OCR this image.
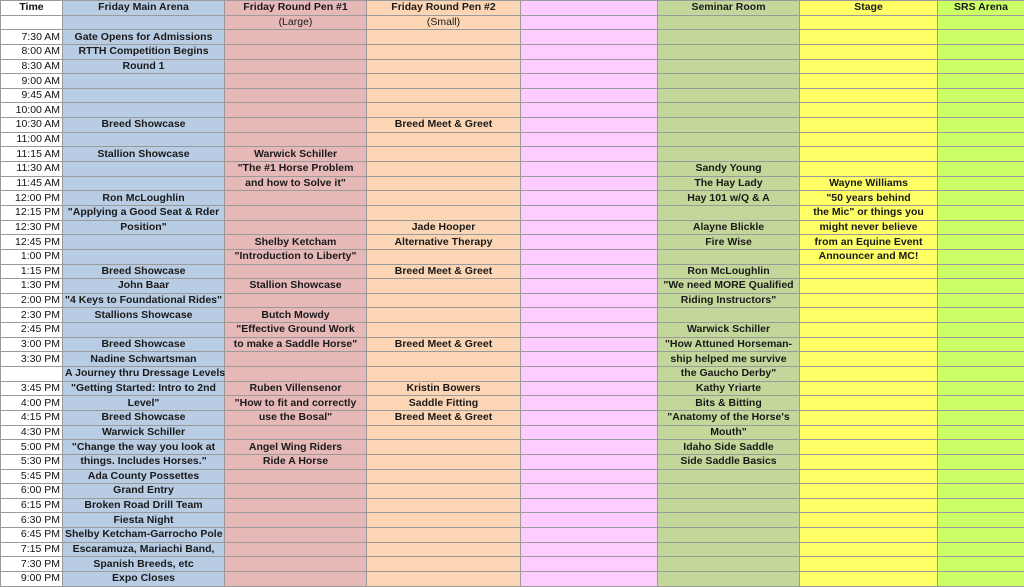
Time	Friday Main Arena	Friday Round Pen #1	Friday Round Pen #2		Seminar Room	Stage	SRS Arena
		(Large)	(Small)				
7:30 AM	Gate Opens for Admissions						
8:00 AM	RTTH Competition Begins						
8:30 AM	Round 1						
9:00 AM							
9:45 AM							
10:00 AM							
10:30 AM	Breed Showcase		Breed Meet & Greet				
11:00 AM							
11:15 AM	Stallion Showcase	Warwick Schiller					
11:30 AM		"The #1 Horse Problem			Sandy Young		
11:45 AM		and how to Solve it"			The Hay Lady	Wayne Williams	
12:00 PM	Ron McLoughlin				Hay 101 w/Q & A	"50 years behind	
12:15 PM	"Applying a Good Seat & Rder					the Mic" or things you	
12:30 PM	Position"		Jade Hooper		Alayne Blickle	might never believe	
12:45 PM		Shelby Ketcham	Alternative Therapy		Fire Wise	from an Equine Event	
1:00 PM		"Introduction to Liberty"				Announcer and MC!	
1:15 PM	Breed Showcase		Breed Meet & Greet		Ron McLoughlin		
1:30 PM	John Baar	Stallion Showcase			"We need MORE Qualified		
2:00 PM	"4 Keys to Foundational Rides"				Riding Instructors"		
2:30 PM	Stallions Showcase	Butch Mowdy					
2:45 PM		"Effective Ground Work			Warwick Schiller		
3:00 PM	Breed Showcase	to make a Saddle Horse"	Breed Meet & Greet		"How Attuned Horseman-		
3:30 PM	Nadine Schwartsman				ship helped me survive		
	A Journey thru Dressage Levels				the Gaucho Derby"		
3:45 PM	"Getting Started: Intro to 2nd	Ruben Villensenor	Kristin Bowers		Kathy Yriarte		
4:00 PM	Level"	"How to fit and correctly	Saddle Fitting		Bits & Bitting		
4:15 PM	Breed Showcase	use the Bosal"	Breed Meet & Greet		"Anatomy of the Horse's		
4:30 PM	Warwick Schiller				Mouth"		
5:00 PM	"Change the way you look at	Angel Wing Riders			Idaho Side Saddle		
5:30 PM	things. Includes Horses."	Ride A Horse			Side Saddle Basics		
5:45 PM	Ada County Possettes						
6:00 PM	Grand Entry						
6:15 PM	Broken Road Drill Team						
6:30 PM	Fiesta Night						
6:45 PM	Shelby Ketcham-Garrocho Pole						
7:15 PM	Escaramuza, Mariachi Band,						
7:30 PM	Spanish Breeds, etc						
9:00 PM	Expo Closes						
